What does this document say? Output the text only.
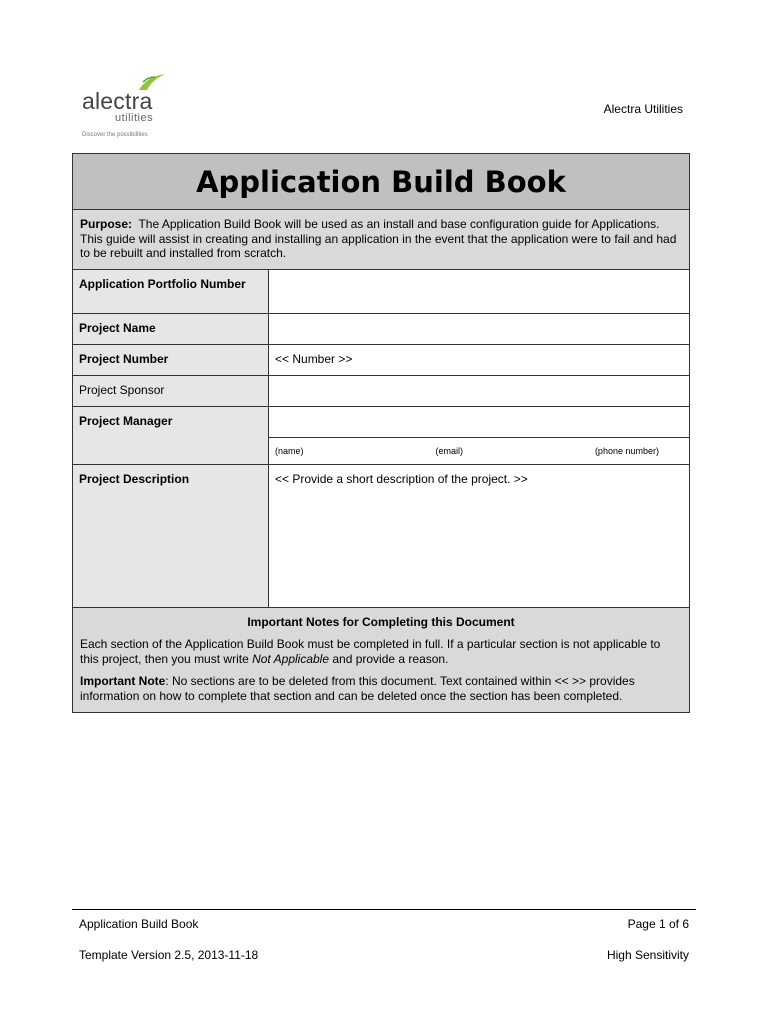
alectra
utilities
Discover the possibilities
Alectra Utilities
Application Build Book	
Purpose: The Application Build Book will be used as an install and base configuration guide for Applications. This guide will assist in creating and installing an application in the event that the application were to fail and had to be rebuilt and installed from scratch.	
Application Portfolio Number	
Project Name	
Project Number	<< Number >>
Project Sponsor	
Project Manager	

	(name) (email) (phone number)

Project Description	<< Provide a short description of the project. >>

Important Notes for Completing this Document
Each section of the Application Build Book must be completed in full. If a particular section is not applicable to this project, then you must write Not Applicable and provide a reason.
Important Note: No sections are to be deleted from this document. Text contained within << >> provides information on how to complete that section and can be deleted once the section has been completed.	
Application Build Book	Page 1 of 6
Template Version 2.5, 2013-11-18	High Sensitivity
